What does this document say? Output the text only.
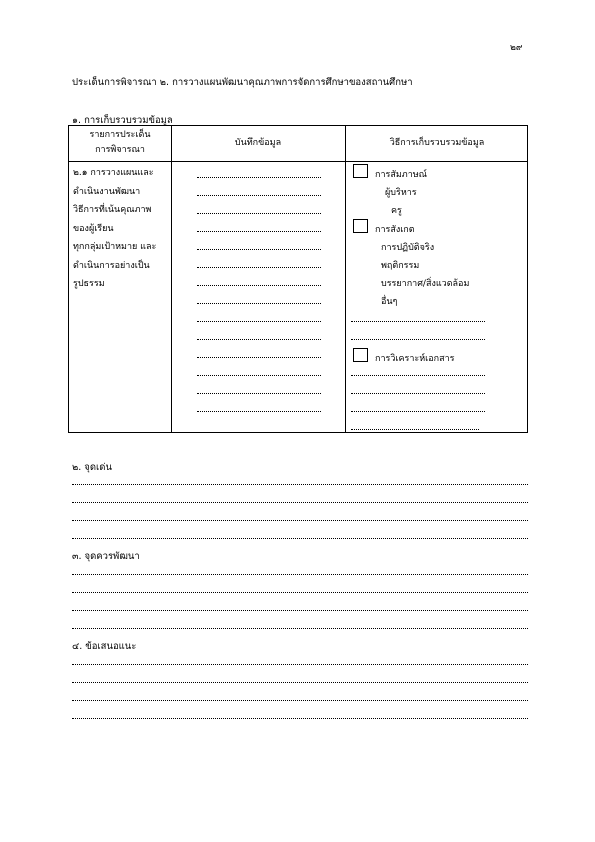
๒๙
ประเด็นการพิจารณา ๒. การวางแผนพัฒนาคุณภาพการจัดการศึกษาของสถานศึกษา
๑. การเก็บรวบรวมข้อมูล
รายการประเด็น
การพิจารณา
บันทึกข้อมูล	วิธีการเก็บรวบรวมข้อมูล
๒.๑ การวางแผนและ
ดำเนินงานพัฒนา
วิธีการที่เน้นคุณภาพ
ของผู้เรียน
ทุกกลุ่มเป้าหมาย และ
ดำเนินการอย่างเป็น
รูปธรรม
การสัมภาษณ์
ผู้บริหาร
ครู
การสังเกต
การปฏิบัติจริง
พฤติกรรม
บรรยากาศ/สิ่งแวดล้อม
อื่นๆ
การวิเคราะห์เอกสาร
๒. จุดเด่น
๓. จุดควรพัฒนา
๔. ข้อเสนอแนะ
